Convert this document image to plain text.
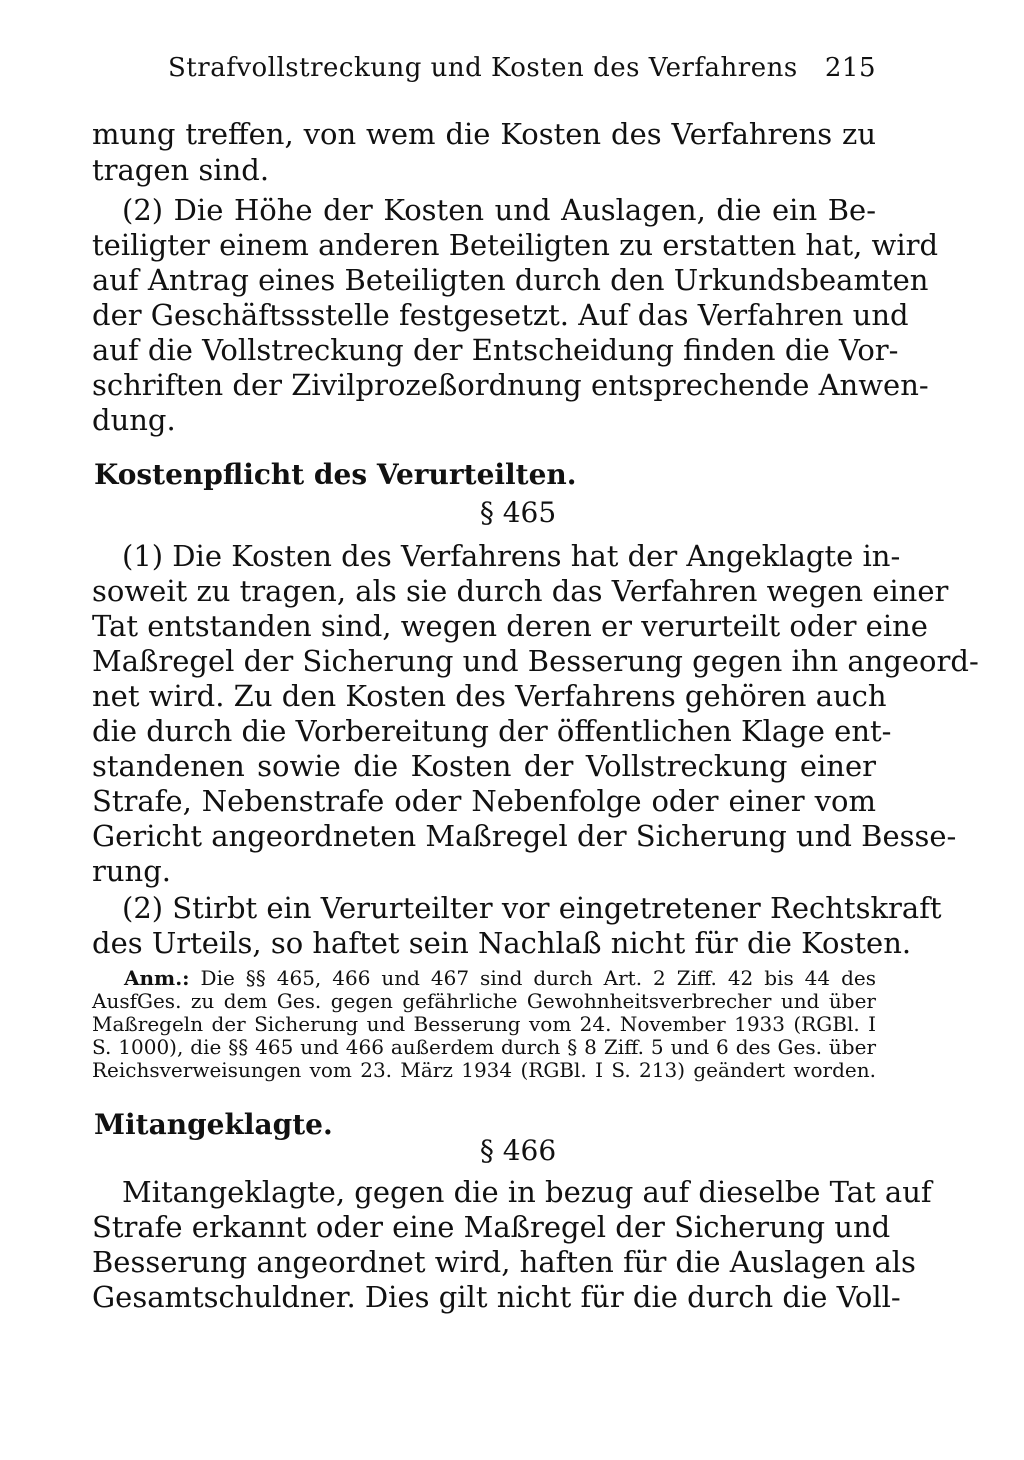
Strafvollstreckung und Kosten des Verfahrens 215
mung treffen, von wem die Kosten des Verfahrens zu
tragen sind.
(2) Die Höhe der Kosten und Auslagen, die ein Be-
teiligter einem anderen Beteiligten zu erstatten hat, wird
auf Antrag eines Beteiligten durch den Urkundsbeamten
der Geschäftssstelle festgesetzt. Auf das Verfahren und
auf die Vollstreckung der Entscheidung finden die Vor-
schriften der Zivilprozeßordnung entsprechende Anwen-
dung.
Kostenpflicht des Verurteilten.
§ 465
(1) Die Kosten des Verfahrens hat der Angeklagte in-
soweit zu tragen, als sie durch das Verfahren wegen einer
Tat entstanden sind, wegen deren er verurteilt oder eine
Maßregel der Sicherung und Besserung gegen ihn angeord-
net wird. Zu den Kosten des Verfahrens gehören auch
die durch die Vorbereitung der öffentlichen Klage ent-
standenen sowie die Kosten der Vollstreckung einer
Strafe, Nebenstrafe oder Nebenfolge oder einer vom
Gericht angeordneten Maßregel der Sicherung und Besse-
rung.
(2) Stirbt ein Verurteilter vor eingetretener Rechtskraft
des Urteils, so haftet sein Nachlaß nicht für die Kosten.
Anm.: Die §§ 465, 466 und 467 sind durch Art. 2 Ziff. 42 bis 44 des
AusfGes. zu dem Ges. gegen gefährliche Gewohnheitsverbrecher und über
Maßregeln der Sicherung und Besserung vom 24. November 1933 (RGBl. I
S. 1000), die §§ 465 und 466 außerdem durch § 8 Ziff. 5 und 6 des Ges. über
Reichsverweisungen vom 23. März 1934 (RGBl. I S. 213) geändert worden.
Mitangeklagte.
§ 466
Mitangeklagte, gegen die in bezug auf dieselbe Tat auf
Strafe erkannt oder eine Maßregel der Sicherung und
Besserung angeordnet wird, haften für die Auslagen als
Gesamtschuldner. Dies gilt nicht für die durch die Voll-
